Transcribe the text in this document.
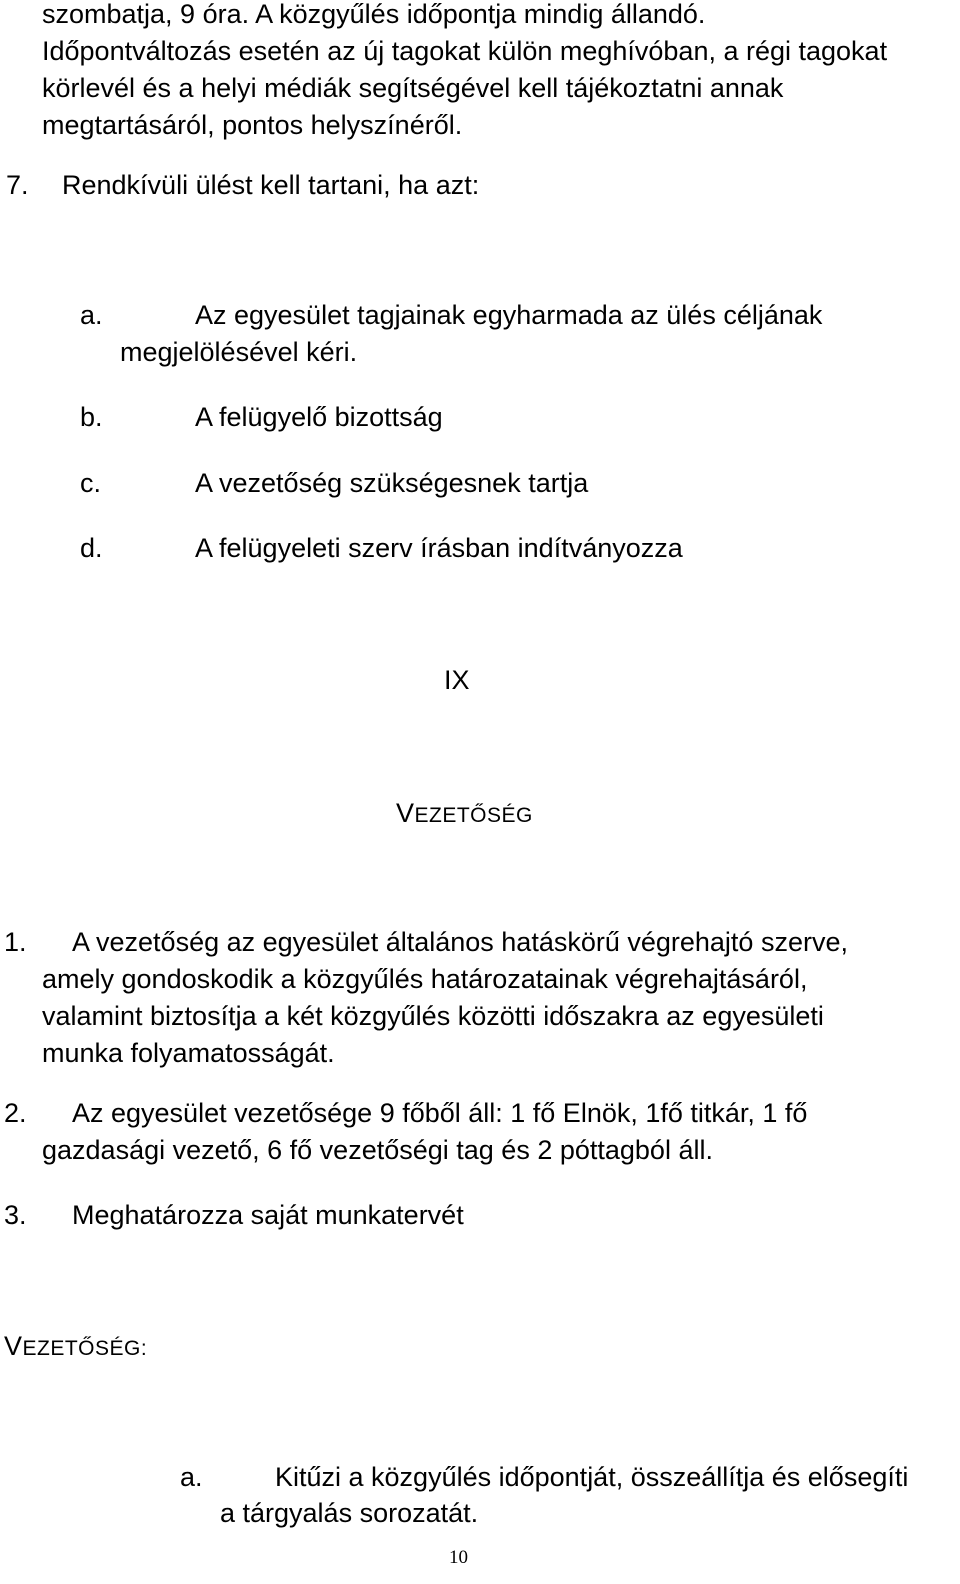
szombatja, 9 óra. A közgyűlés időpontja mindig állandó.
Időpontváltozás esetén az új tagokat külön meghívóban, a régi tagokat
körlevél és a helyi médiák segítségével kell tájékoztatni annak
megtartásáról, pontos helyszínéről.
7. Rendkívüli ülést kell tartani, ha azt:
a.	Az egyesület tagjainak egyharmada az ülés céljának
megjelölésével kéri.
b.	A felügyelő bizottság
c.	A vezetőség szükségesnek tartja
d.	A felügyeleti szerv írásban indítványozza
IX
VEZETŐSÉG
1.	A vezetőség az egyesület általános hatáskörű végrehajtó szerve,
amely gondoskodik a közgyűlés határozatainak végrehajtásáról,
valamint biztosítja a két közgyűlés közötti időszakra az egyesületi
munka folyamatosságát.
2.	Az egyesület vezetősége 9 főből áll: 1 fő Elnök, 1fő titkár, 1 fő
gazdasági vezető, 6 fő vezetőségi tag és 2 póttagból áll.
3. Meghatározza saját munkatervét
VEZETŐSÉG:
a.	Kitűzi a közgyűlés időpontját, összeállítja és elősegíti
a tárgyalás sorozatát.
10
